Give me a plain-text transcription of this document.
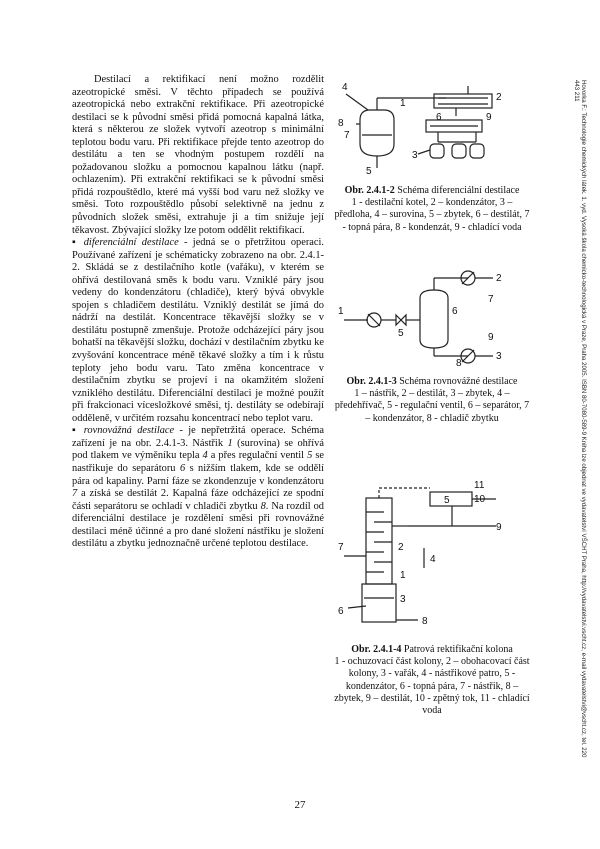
Destilací a rektifikací není možno rozdělit azeotropické směsi. V těchto případech se používá azeotropická nebo extrakční rektifikace. Při azeotropické destilaci se k původní směsi přidá pomocná kapalná látka, která s některou ze složek vytvoří azeotrop s minimální teplotou bodu varu. Při rektifikace přejde tento azeotrop do destilátu a ten se vhodným postupem rozdělí na požadovanou složku a pomocnou kapalnou látku (např. ochlazením). Při extrakční rektifikaci se k původní směsi přidá rozpouštědlo, které má vyšší bod varu než složky ve směsi. Toto rozpouštědlo působí selektivně na jednu z původních složek směsi, extrahuje ji a tím snižuje její těkavost. Zbývající složky lze potom oddělit rektifikací.

▪ diferenciální destilace - jedná se o přetržitou operaci. Používané zařízení je schématicky zobrazeno na obr. 2.4.1-2. Skládá se z destilačního kotle (vařáku), v kterém se ohřívá destilovaná směs k bodu varu. Vzniklé páry jsou vedeny do kondenzátoru (chladiče), který bývá obvykle spojen s chladičem destilátu. Vzniklý destilát se jímá do nádrží na destilát. Koncentrace těkavější složky se v destilátu postupně zmenšuje. Protože odcházející páry jsou bohatší na těkavější složku, dochází v destilačním zbytku ke zvyšování koncentrace méně těkavé složky a tím i k růstu teploty jeho bodu varu. Tato změna koncentrace v destilačním zbytku se projeví i na okamžitém složení vzniklého destilátu. Diferenciální destilaci je možné použít při frakcionaci vícesložkové směsi, tj. destiláty se odebírají odděleně, v určitém rozsahu koncentrací nebo teplot varu.

▪ rovnovážná destilace - je nepřetržitá operace. Schéma zařízení je na obr. 2.4.1-3. Nástřik 1 (surovina) se ohřívá pod tlakem ve výměníku tepla 4 a přes regulační ventil 5 se nastřikuje do separátoru 6 s nižším tlakem, kde se oddělí pára od kapaliny. Parní fáze se zkondenzuje v kondenzátoru 7 a získá se destilát 2. Kapalná fáze odcházející ze spodní části separátoru se ochladí v chladiči zbytku 8. Na rozdíl od diferenciální destilace je rozdělení směsi při rovnovážné destilaci méně účinné a pro dané složení nástřiku je složení destilátu a zbytku jednoznačně určené teplotou destilace.

4
1
2
8
7
5
6	9
3
Obr. 2.4.1-2 Schéma diferenciální destilace
1 - destilační kotel, 2 – kondenzátor, 3 – předloha, 4 – surovina, 5 – zbytek, 6 – destilát, 7 - topná pára, 8 - kondenzát, 9 - chladící voda
2
7
1	6
5	9
3
8
Obr. 2.4.1-3 Schéma rovnovážné destilace
1 – nástřik, 2 – destilát, 3 – zbytek, 4 – předehřívač, 5 - regulační ventil, 6 – separátor, 7 – kondenzátor, 8 - chladič zbytku
11
10
5
9
7	2
1
3
6
8
4
Obr. 2.4.1-4 Patrová rektifikační kolona
1 - ochuzovací část kolony, 2 – obohacovací část kolony, 3 - vařák, 4 - nástřikové patro, 5 - kondenzátor, 6 - topná pára, 7 - nástřik, 8 – zbytek, 9 – destilát, 10 - zpětný tok, 11 - chladící voda	Hovorka F.: Technologie chemických látek. 1. vyd. Vysoká škola chemicko-technologická v Praze, Praha 2005. ISBN 80-7080-589-9 Kniha lze objednat ve vydavatelství VŠCHT Praha, http://vydavatelstvi.vscht.cz, e-mail vydavatelstvi@vscht.cz, tel. 220 443 211
27
